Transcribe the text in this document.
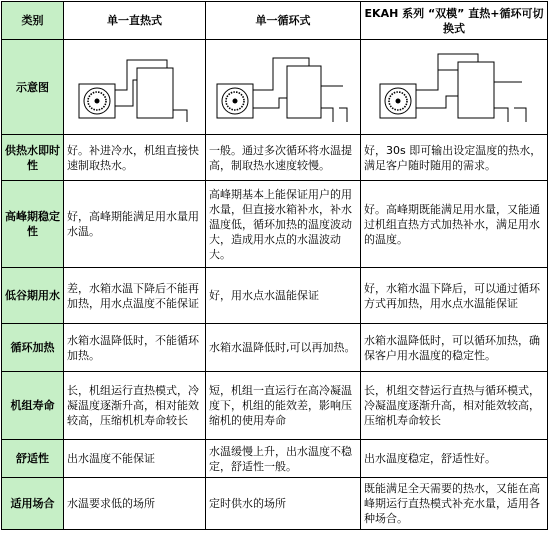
类别	单一直热式	单一循环式	EKAH 系列 “双模” 直热+循环可切换式
示意图	

供热水即时性	好。补进冷水，机组直接快速制取热水。	一般。通过多次循环将水温提高，制取热水速度较慢。	好，30s 即可输出设定温度的热水，满足客户随时随用的需求。
高峰期稳定性	好，高峰期能满足用水量用水温。	高峰期基本上能保证用户的用水量，但直接水箱补水，补水温度低，循环加热的温度波动大，造成用水点的水温波动大。	好。高峰期既能满足用水量，又能通过机组直热方式加热补水，满足用水的温度。
低谷期用水	差，水箱水温下降后不能再加热，用水点温度不能保证	好，用水点水温能保证	好，水箱水温下降后，可以通过循环方式再加热，用水点水温能保证
循环加热	水箱水温降低时，不能循环加热。	水箱水温降低时,可以再加热。	水箱水温降低时，可以循环加热，确保客户用水温度的稳定性。
机组寿命	长，机组运行直热模式，冷凝温度逐渐升高，相对能效较高，压缩机机寿命较长	短，机组一直运行在高冷凝温度下，机组的能效差，影响压缩机的使用寿命	长，机组交替运行直热与循环模式，冷凝温度逐渐升高，相对能效较高，压缩机寿命较长
舒适性	出水温度不能保证	水温缓慢上升，出水温度不稳定，舒适性一般。	出水温度稳定，舒适性好。
适用场合	水温要求低的场所	定时供水的场所	既能满足全天需要的热水，又能在高峰期运行直热模式补充水量，适用各种场合。
